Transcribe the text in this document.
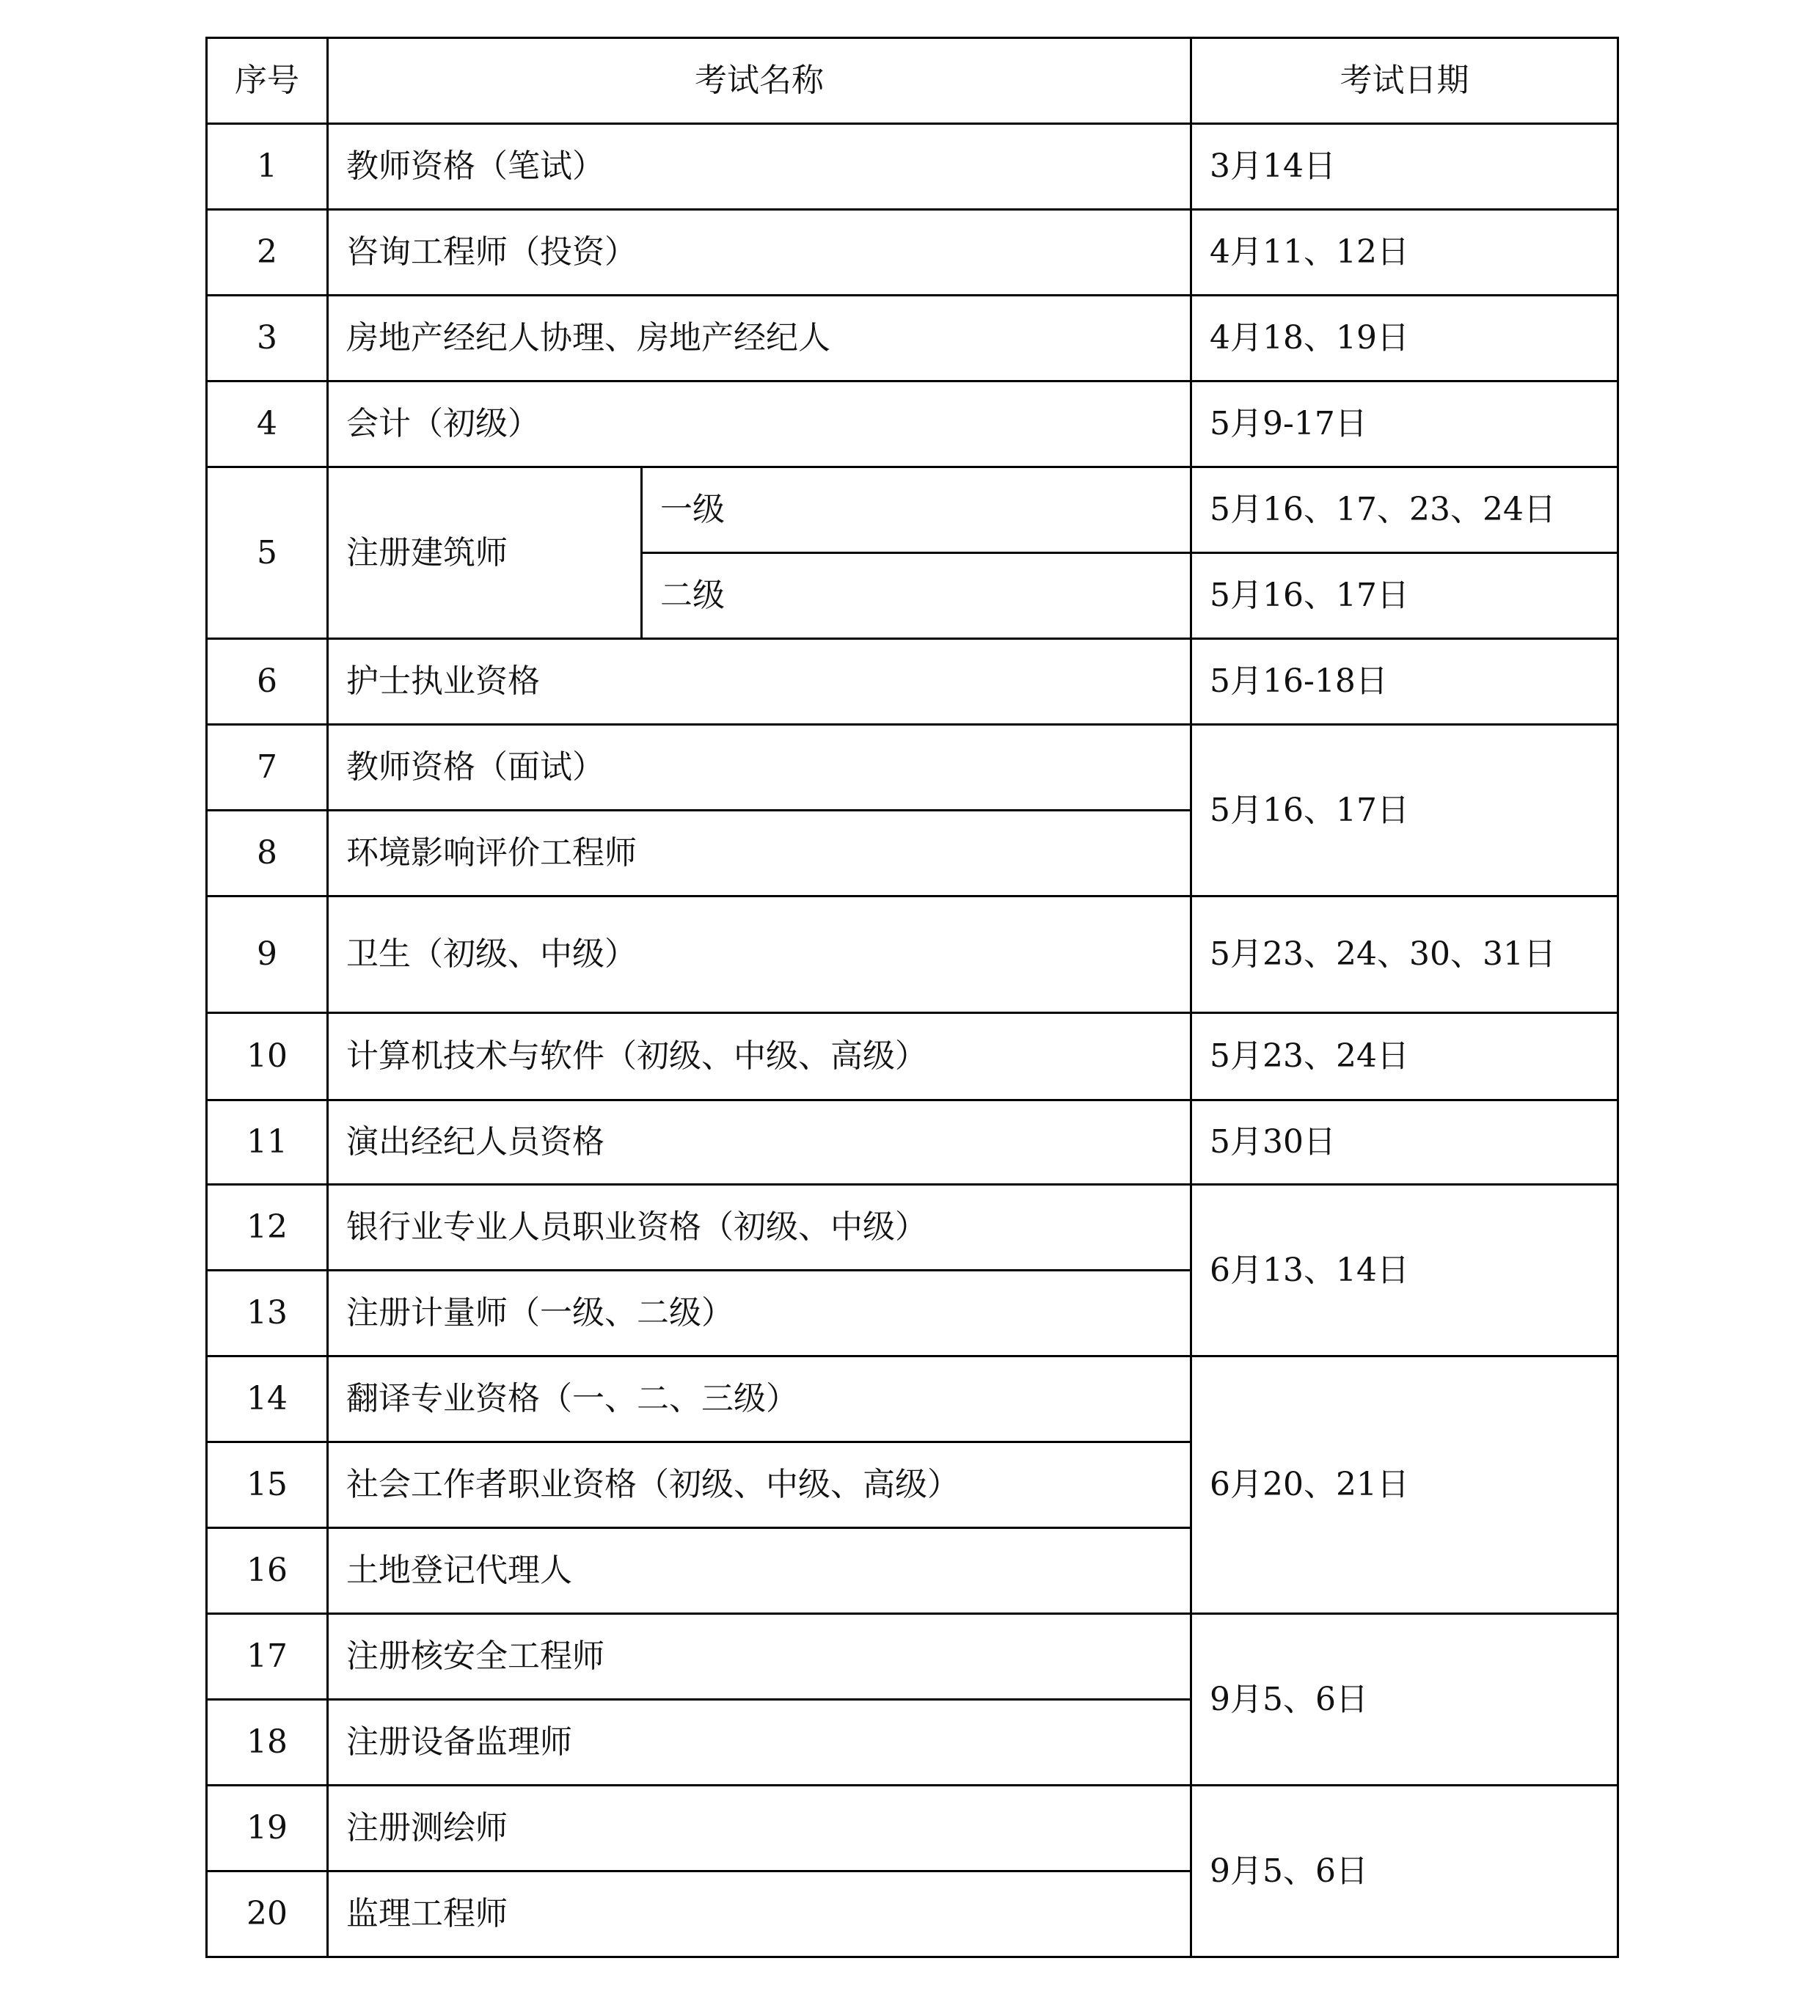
序号	考试名称		考试日期
1	教师资格（笔试）		3月14日
2	咨询工程师（投资）		4月11、12日
3	房地产经纪人协理、房地产经纪人		4月18、19日
4	会计（初级）		5月9-17日
5	注册建筑师	一级	5月16、17、23、24日
		二级	5月16、17日
6	护士执业资格		5月16-18日
7	教师资格（面试）		5月16、17日
8	环境影响评价工程师		
9	卫生（初级、中级）		5月23、24、30、31日
10	计算机技术与软件（初级、中级、高级）		5月23、24日
11	演出经纪人员资格		5月30日
12	银行业专业人员职业资格（初级、中级）		6月13、14日
13	注册计量师（一级、二级）		
14	翻译专业资格（一、二、三级）		6月20、21日
15	社会工作者职业资格（初级、中级、高级）		
16	土地登记代理人		
17	注册核安全工程师		9月5、6日
18	注册设备监理师		
19	注册测绘师		9月5、6日
20	监理工程师		
